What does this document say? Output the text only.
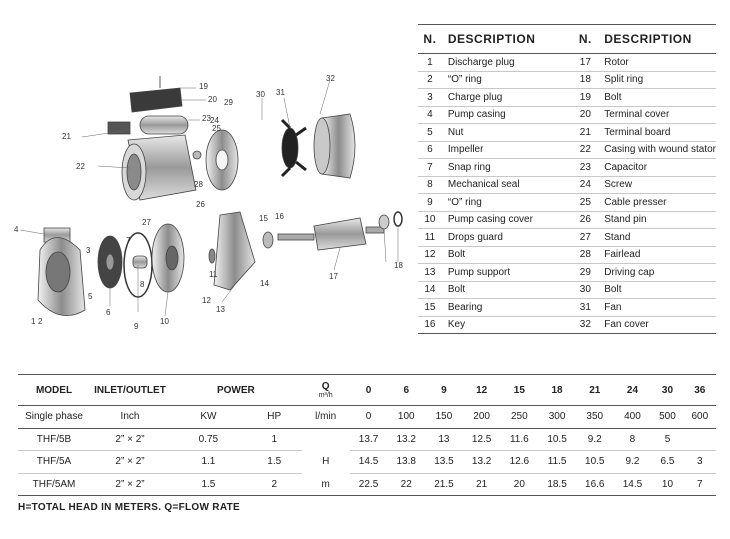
1 2
3
4
5
6
7
8
9
10
11
12
13
14
15 16
17
18
19
20
21
22
23 24
25
26
27
28
29
30 31
32
N.	DESCRIPTION	N.	DESCRIPTION
1	Discharge plug	17	Rotor
2	“O” ring	18	Split ring
3	Charge plug	19	Bolt
4	Pump casing	20	Terminal cover
5	Nut	21	Terminal board
6	Impeller	22	Casing with wound stator
7	Snap ring	23	Capacitor
8	Mechanical seal	24	Screw
9	“O” ring	25	Cable presser
10	Pump casing cover	26	Stand pin
11	Drops guard	27	Stand
12	Bolt	28	Fairlead
13	Pump support	29	Driving cap
14	Bolt	30	Bolt
15	Bearing	31	Fan
16	Key	32	Fan cover
MODEL	INLET/OUTLET	POWER		Q
m³/h	0	6	9	12	15	18	21	24	30	36
Single phase	Inch	KW	HP	l/min	0	100	150	200	250	300	350	400	500	600
THF/5B	2” × 2”	0.75	1		13.7	13.2	13	12.5	11.6	10.5	9.2	8	5	
THF/5A	2” × 2”	1.1	1.5	H	14.5	13.8	13.5	13.2	12.6	11.5	10.5	9.2	6.5	3
THF/5AM	2” × 2”	1.5	2	m	22.5	22	21.5	21	20	18.5	16.6	14.5	10	7
H=TOTAL HEAD IN METERS. Q=FLOW RATE
